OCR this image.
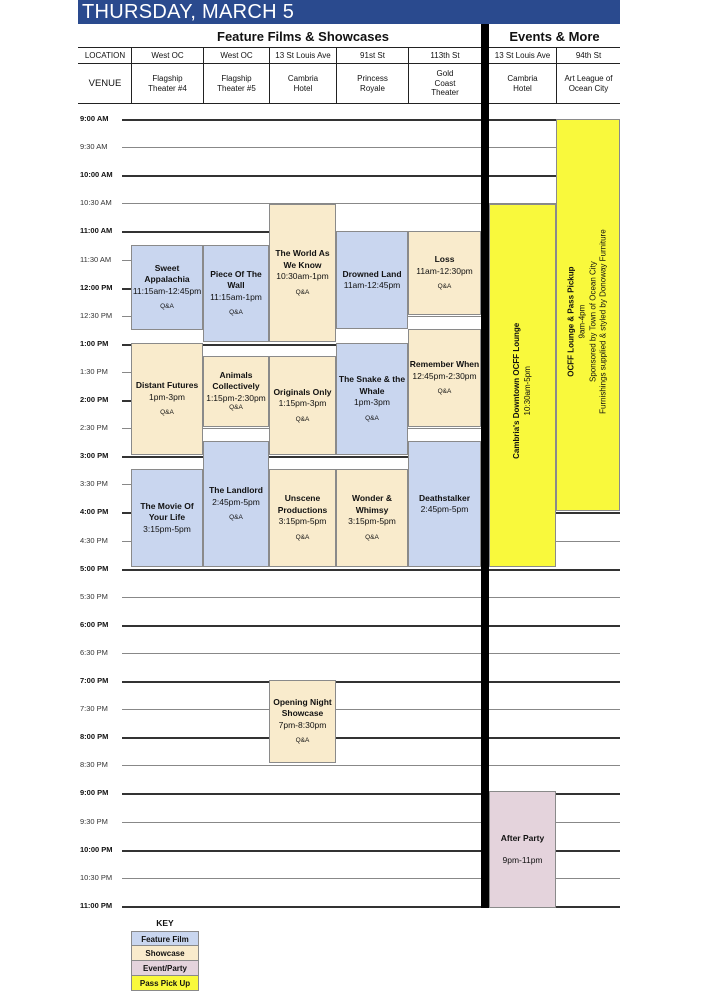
THURSDAY, MARCH 5
Feature Films & Showcases	Events & More
LOCATION
VENUE
West OC
Flagship Theater #4
West OC
Flagship Theater #5
13 St Louis Ave
Cambria Hotel
91st St
Princess Royale
113th St
Gold Coast Theater
13 St Louis Ave
Cambria Hotel
94th St
Art League of Ocean City
9:00 AM
9:30 AM
10:00 AM
10:30 AM
11:00 AM
11:30 AM
12:00 PM
12:30 PM
1:00 PM
1:30 PM
2:00 PM
2:30 PM
3:00 PM
3:30 PM
4:00 PM
4:30 PM
5:00 PM
5:30 PM
6:00 PM
6:30 PM
7:00 PM
7:30 PM
8:00 PM
8:30 PM
9:00 PM
9:30 PM
10:00 PM
10:30 PM
11:00 PM
Sweet Appalachia
11:15am-12:45pm
Q&A
Distant Futures
1pm-3pm
Q&A
The Movie Of Your Life
3:15pm-5pm
Piece Of The Wall
11:15am-1pm
Q&A
Animals Collectively
1:15pm-2:30pm
Q&A
The Landlord
2:45pm-5pm
Q&A
The World As We Know
10:30am-1pm
Q&A
Originals Only
1:15pm-3pm
Q&A
Unscene Productions
3:15pm-5pm
Q&A
Opening Night Showcase
7pm-8:30pm
Q&A
Drowned Land
11am-12:45pm
The Snake & the Whale
1pm-3pm
Q&A
Wonder & Whimsy
3:15pm-5pm
Q&A
Loss
11am-12:30pm
Q&A
Remember When
12:45pm-2:30pm
Q&A
Deathstalker
2:45pm-5pm
Cambria's Downtown OCFF Lounge 10:30am-5pm
OCFF Lounge & Pass Pickup 9am-4pm Sponsored by Town of Ocean City Furnishings supplied & styled by Donoway Furniture
After Party
9pm-11pm
KEY
Feature Film
Showcase
Event/Party
Pass Pick Up
